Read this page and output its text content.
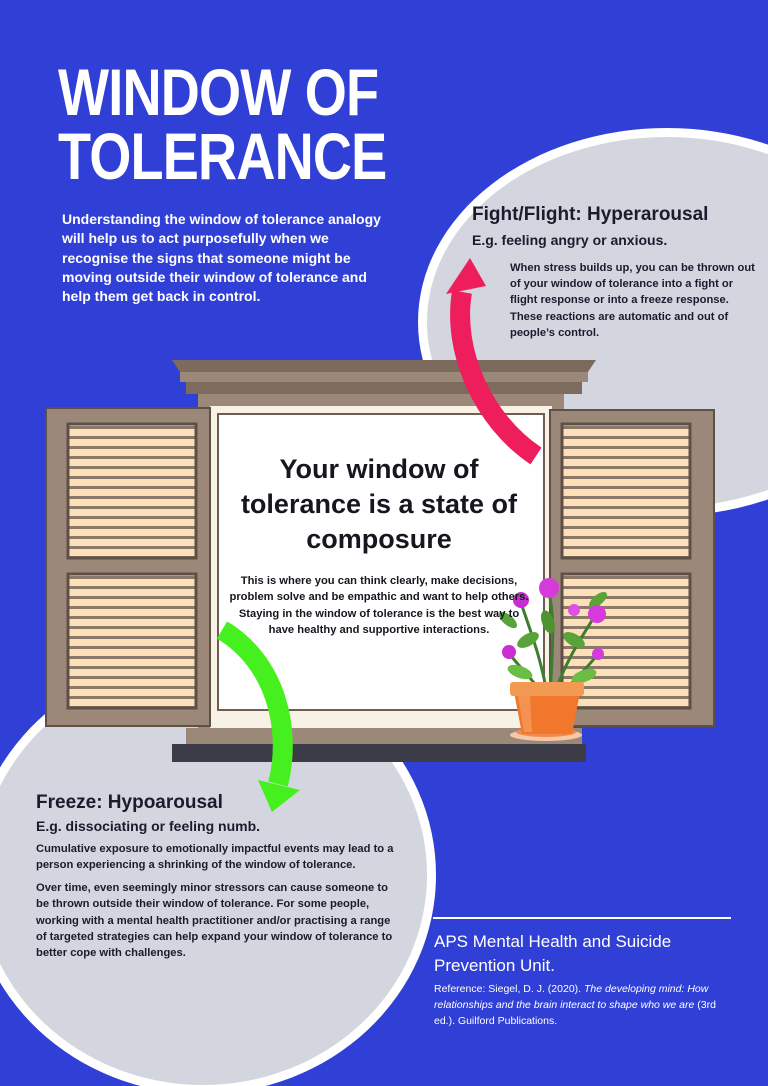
WINDOW OF
TOLERANCE

Understanding the window of tolerance analogy will help us to act purposefully when we recognise the signs that someone might be moving outside their window of tolerance and help them get back in control.

Fight/Flight: Hyperarousal

E.g. feeling angry or anxious.

When stress builds up, you can be thrown out of your window of tolerance into a fight or flight response or into a freeze response. These reactions are automatic and out of people’s control.

Your window of tolerance is a state of composure

This is where you can think clearly, make decisions, problem solve and be empathic and want to help others. Staying in the window of tolerance is the best way to have healthy and supportive interactions.

Freeze: Hypoarousal

E.g. dissociating or feeling numb.

Cumulative exposure to emotionally impactful events may lead to a person experiencing a shrinking of the window of tolerance.

Over time, even seemingly minor stressors can cause someone to be thrown outside their window of tolerance. For some people, working with a mental health practitioner and/or practising a range of targeted strategies can help expand your window of tolerance to better cope with challenges.

APS Mental Health and Suicide Prevention Unit.

Reference: Siegel, D. J. (2020). The developing mind: How relationships and the brain interact to shape who we are (3rd ed.). Guilford Publications.
